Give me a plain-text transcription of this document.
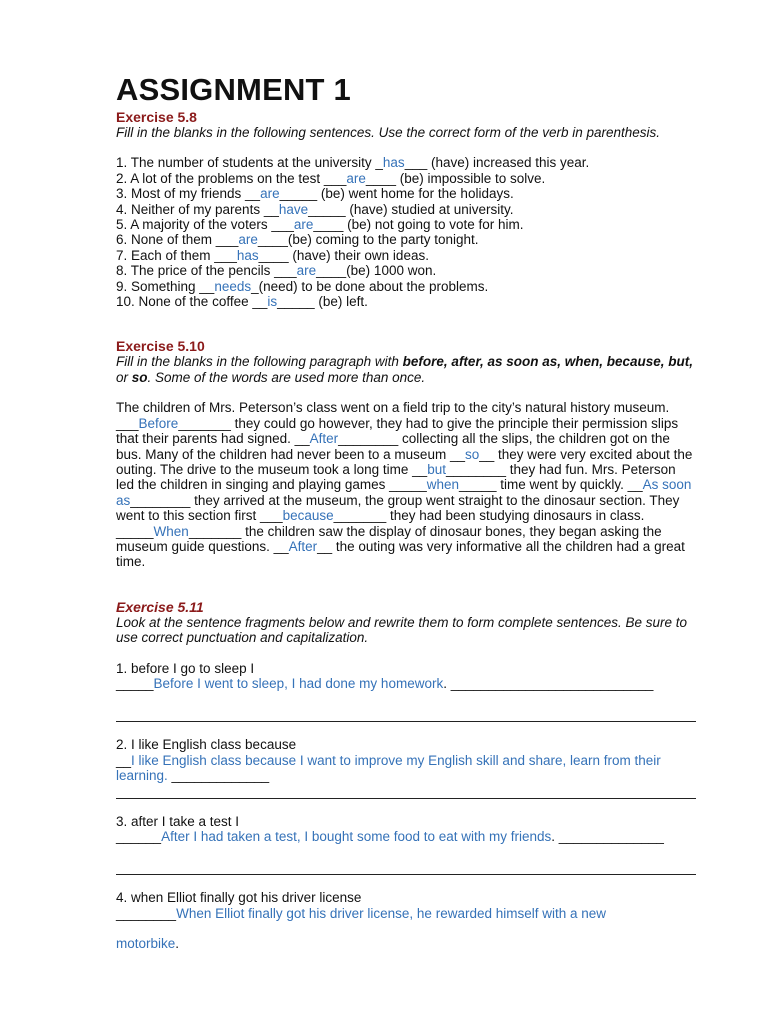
ASSIGNMENT 1

Exercise 5.8

Fill in the blanks in the following sentences. Use the correct form of the verb in parenthesis.

1. The number of students at the university _has___ (have) increased this year.

2. A lot of the problems on the test ___are____ (be) impossible to solve.

3. Most of my friends __are_____ (be) went home for the holidays.

4. Neither of my parents __have_____ (have) studied at university.

5. A majority of the voters ___are____ (be) not going to vote for him.

6. None of them ___are____(be) coming to the party tonight.

7. Each of them ___has____ (have) their own ideas.

8. The price of the pencils ___are____(be) 1000 won.

9. Something __needs_(need) to be done about the problems.

10. None of the coffee __is_____ (be) left.

Exercise 5.10

Fill in the blanks in the following paragraph with before, after, as soon as, when, because, but, or so. Some of the words are used more than once.

The children of Mrs. Peterson’s class went on a field trip to the city’s natural history museum. ___Before_______ they could go however, they had to give the principle their permission slips that their parents had signed. __After________ collecting all the slips, the children got on the bus. Many of the children had never been to a museum __so__ they were very excited about the outing. The drive to the museum took a long time __but________ they had fun. Mrs. Peterson led the children in singing and playing games _____when_____ time went by quickly. __As soon as________ they arrived at the museum, the group went straight to the dinosaur section. They went to this section first ___because_______ they had been studying dinosaurs in class. _____When_______ the children saw the display of dinosaur bones, they began asking the museum guide questions. __After__ the outing was very informative all the children had a great time.

Exercise 5.11

Look at the sentence fragments below and rewrite them to form complete sentences. Be sure to use correct punctuation and capitalization.

1. before I go to sleep I

_____Before I went to sleep, I had done my homework. ___________________________

2. I like English class because

__I like English class because I want to improve my English skill and share, learn from their learning. _____________

3. after I take a test I

______After I had taken a test, I bought some food to eat with my friends. ______________

4. when Elliot finally got his driver license

________When Elliot finally got his driver license, he rewarded himself with a new

motorbike.
